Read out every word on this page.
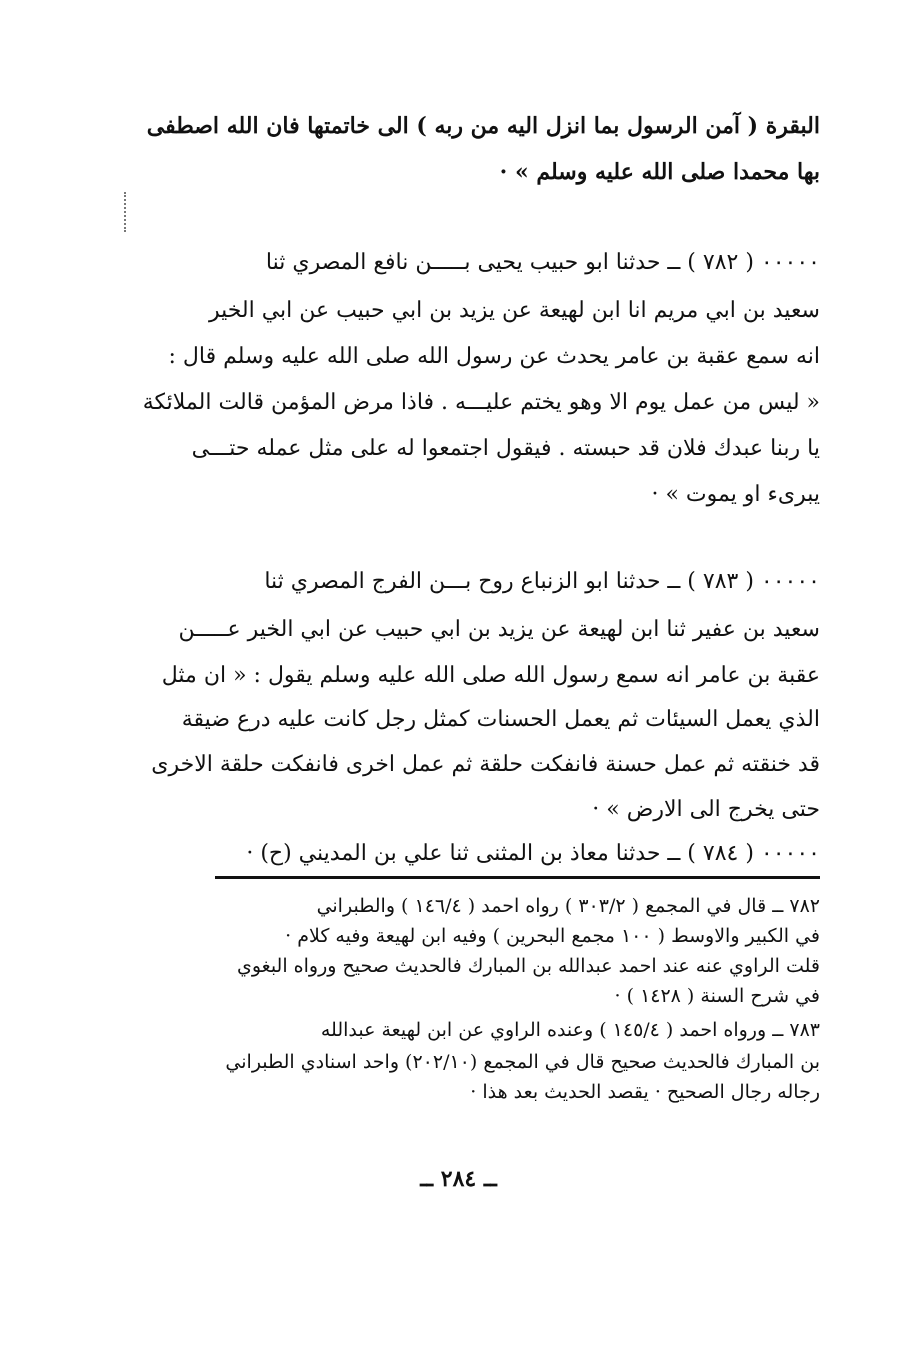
البقرة ( آمن الرسول بما انزل اليه من ربه ) الى خاتمتها فان الله اصطفى
بها محمدا صلى الله عليه وسلم » ·
٠٠٠٠٠ ( ٧٨٢ ) ــ حدثنا ابو حبيب يحيى بـــــن نافع المصري ثنا
سعيد بن ابي مريم انا ابن لهيعة عن يزيد بن ابي حبيب عن ابي الخير
انه سمع عقبة بن عامر يحدث عن رسول الله صلى الله عليه وسلم قال :
« ليس من عمل يوم الا وهو يختم عليـــه . فاذا مرض المؤمن قالت الملائكة
يا ربنا عبدك فلان قد حبسته . فيقول اجتمعوا له على مثل عمله حتـــى
يبرىء او يموت » ·
٠٠٠٠٠ ( ٧٨٣ ) ــ حدثنا ابو الزنباع روح بـــن الفرج المصري ثنا
سعيد بن عفير ثنا ابن لهيعة عن يزيد بن ابي حبيب عن ابي الخير عـــــن
عقبة بن عامر انه سمع رسول الله صلى الله عليه وسلم يقول : « ان مثل
الذي يعمل السيئات ثم يعمل الحسنات كمثل رجل كانت عليه درع ضيقة
قد خنقته ثم عمل حسنة فانفكت حلقة ثم عمل اخرى فانفكت حلقة الاخرى
حتى يخرج الى الارض » ·
٠٠٠٠٠ ( ٧٨٤ ) ــ حدثنا معاذ بن المثنى ثنا علي بن المديني (ح) ·
٧٨٢ ــ قال في المجمع ( ٣٠٣/٢ ) رواه احمد ( ١٤٦/٤ ) والطبراني
في الكبير والاوسط ( ١٠٠ مجمع البحرين ) وفيه ابن لهيعة وفيه كلام ·
قلت الراوي عنه عند احمد عبدالله بن المبارك فالحديث صحيح ورواه البغوي
في شرح السنة ( ١٤٢٨ ) ·
٧٨٣ ــ ورواه احمد ( ١٤٥/٤ ) وعنده الراوي عن ابن لهيعة عبدالله
بن المبارك فالحديث صحيح قال في المجمع (٢٠٢/١٠) واحد اسنادي الطبراني
رجاله رجال الصحيح · يقصد الحديث بعد هذا ·
ــ ٢٨٤ ــ
